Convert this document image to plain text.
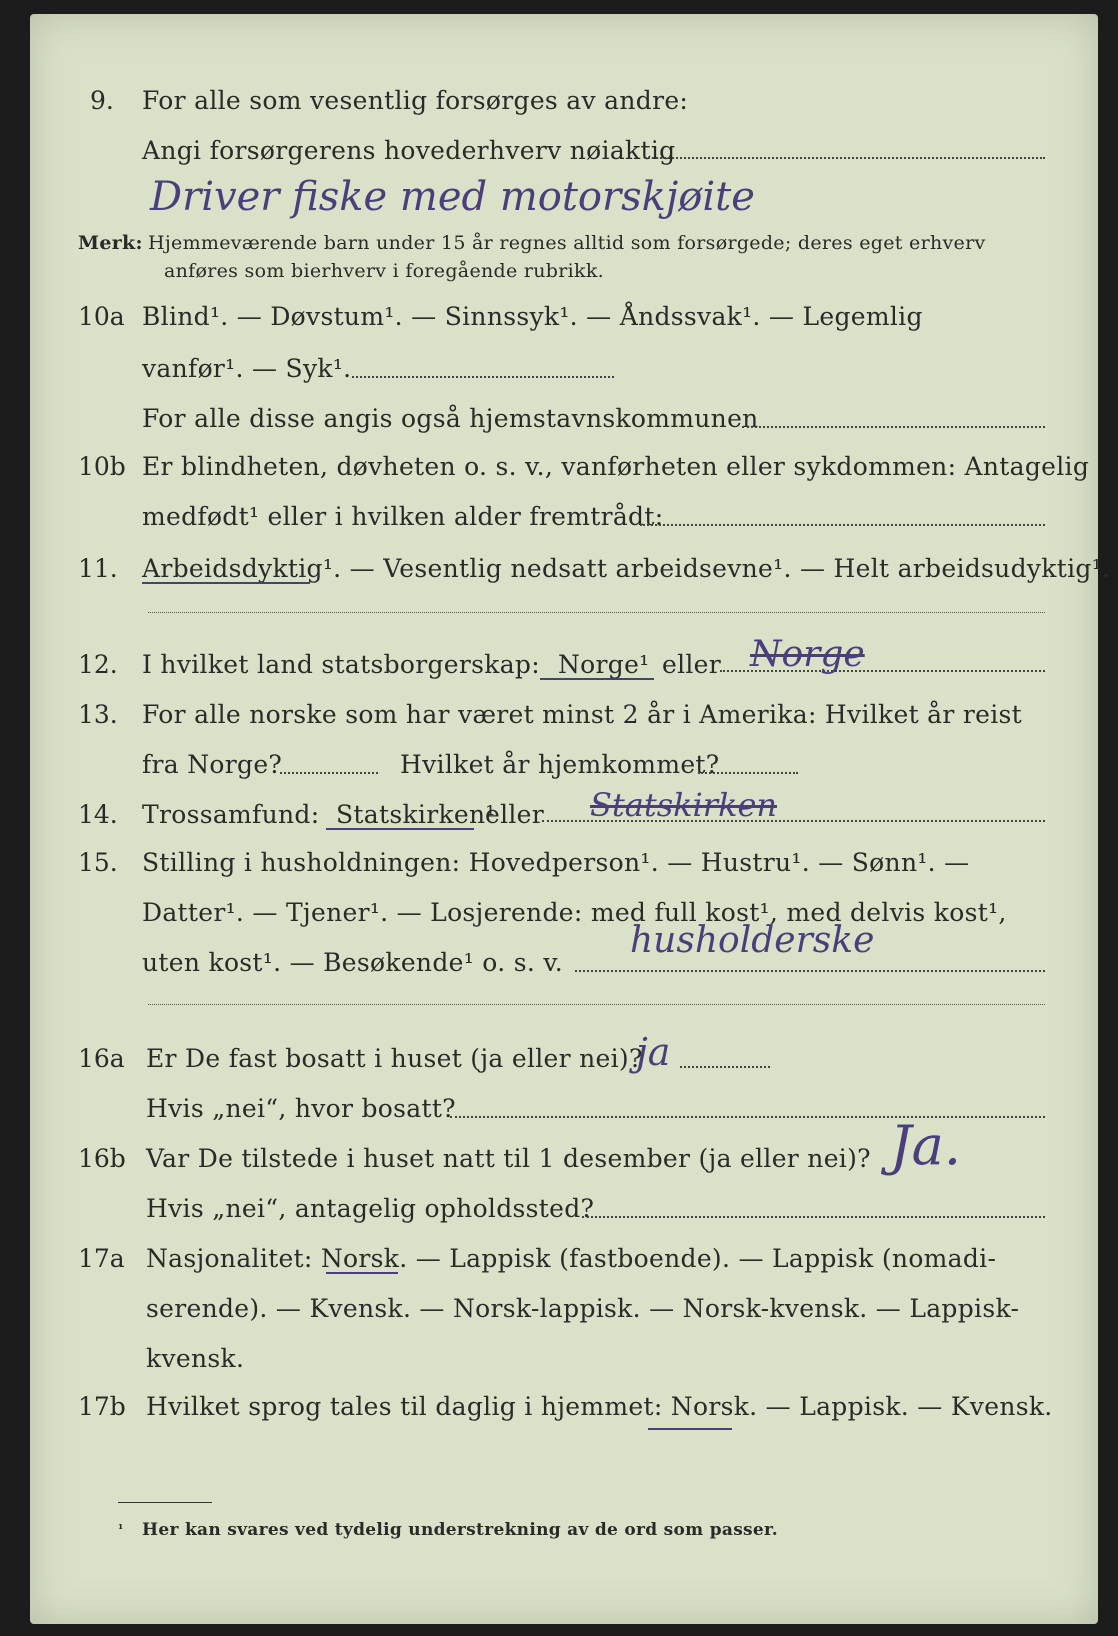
9. For alle som vesentlig forsørges av andre:
Angi forsørgerens hovederhverv nøiaktig
Driver fiske med motorskjøite
Merk: Hjemmeværende barn under 15 år regnes alltid som forsørgede; deres eget erhverv
anføres som bierhverv i foregående rubrikk.
10a Blind¹. — Døvstum¹. — Sinnssyk¹. — Åndssvak¹. — Legemlig
vanfør¹. — Syk¹.
For alle disse angis også hjemstavnskommunen
10b Er blindheten, døvheten o. s. v., vanførheten eller sykdommen: Antagelig
medfødt¹ eller i hvilken alder fremtrådt:
11. Arbeidsdyktig¹. — Vesentlig nedsatt arbeidsevne¹. — Helt arbeidsudyktig¹.
12. I hvilket land statsborgerskap: Norge¹ eller Norge
13. For alle norske som har været minst 2 år i Amerika: Hvilket år reist
fra Norge?	Hvilket år hjemkommet?
14. Trossamfund: Statskirken¹
eller Statskirken
15. Stilling i husholdningen: Hovedperson¹. — Hustru¹. — Sønn¹. —
Datter¹. — Tjener¹. — Losjerende: med full kost¹, med delvis kost¹,
uten kost¹. — Besøkende¹ o. s. v.
husholderske
16a Er De fast bosatt i huset (ja eller nei)?
ja
Hvis „nei“, hvor bosatt?
16b Var De tilstede i huset natt til 1 desember (ja eller nei)? Ja.
Hvis „nei“, antagelig opholdssted?
17a Nasjonalitet: Norsk. — Lappisk (fastboende). — Lappisk (nomadi-
serende). — Kvensk. — Norsk-lappisk. — Norsk-kvensk. — Lappisk-
kvensk.
17b Hvilket sprog tales til daglig i hjemmet: Norsk. — Lappisk. — Kvensk.
¹ Her kan svares ved tydelig understrekning av de ord som passer.
